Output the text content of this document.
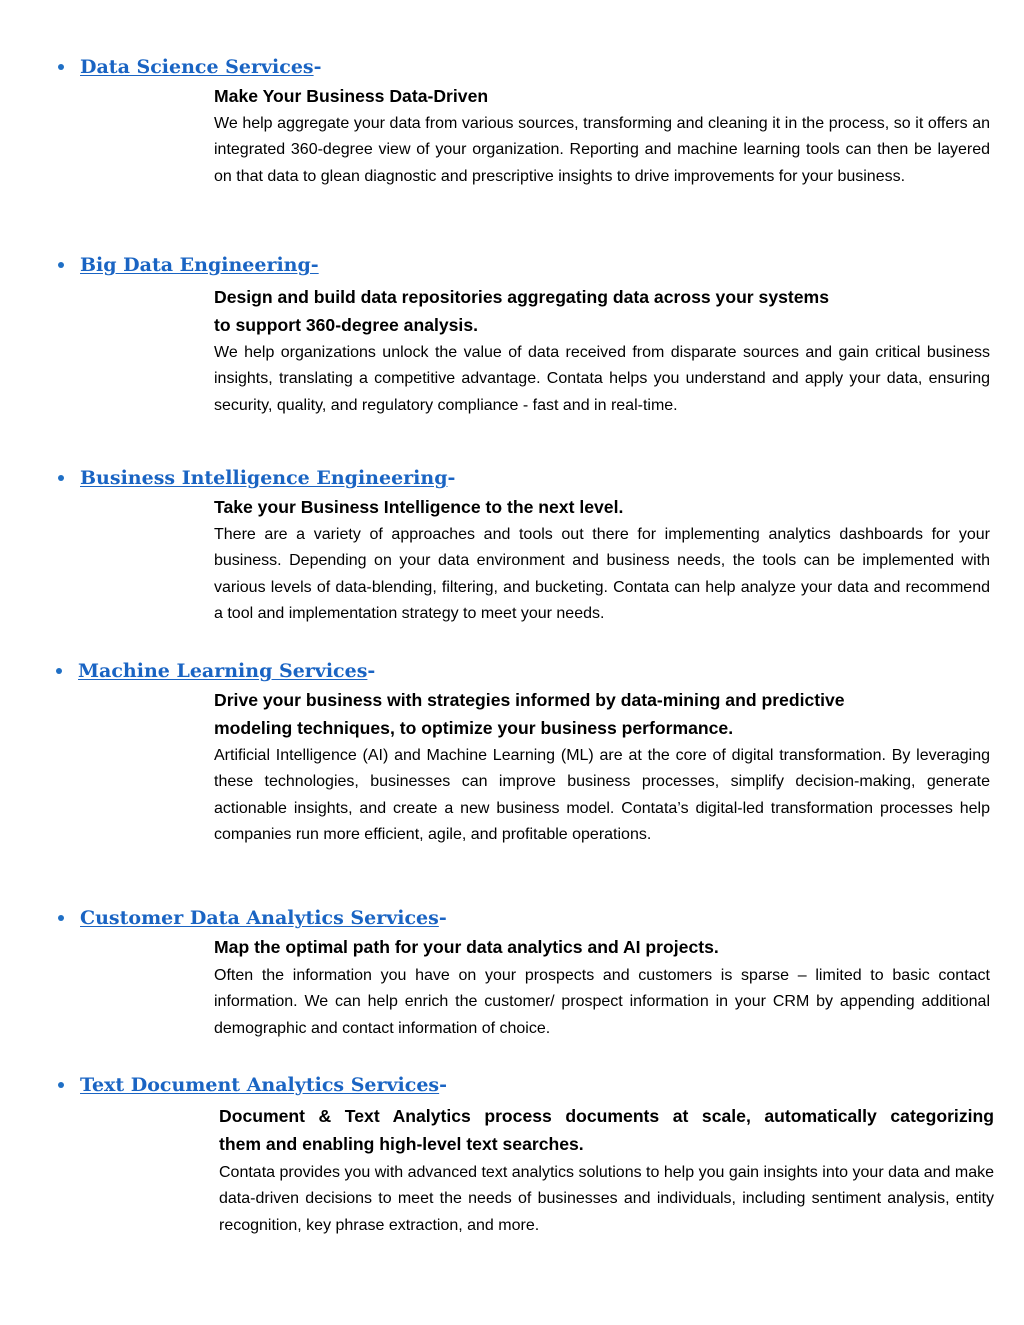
Data Science Services-
Make Your Business Data-Driven

We help aggregate your data from various sources, transforming and cleaning it in the process, so it offers an integrated 360-degree view of your organization. Reporting and machine learning tools can then be layered on that data to glean diagnostic and prescriptive insights to drive improvements for your business.

Big Data Engineering-
Design and build data repositories aggregating data across your systems
to support 360-degree analysis.

We help organizations unlock the value of data received from disparate sources and gain critical business insights, translating a competitive advantage. Contata helps you understand and apply your data, ensuring security, quality, and regulatory compliance - fast and in real-time.

Business Intelligence Engineering-
Take your Business Intelligence to the next level.

There are a variety of approaches and tools out there for implementing analytics dashboards for your business. Depending on your data environment and business needs, the tools can be implemented with various levels of data-blending, filtering, and bucketing. Contata can help analyze your data and recommend a tool and implementation strategy to meet your needs.

Machine Learning Services-
Drive your business with strategies informed by data-mining and predictive
modeling techniques, to optimize your business performance.

Artificial Intelligence (AI) and Machine Learning (ML) are at the core of digital transformation. By leveraging these technologies, businesses can improve business processes, simplify decision-making, generate actionable insights, and create a new business model. Contata’s digital-led transformation processes help companies run more efficient, agile, and profitable operations.

Customer Data Analytics Services-
Map the optimal path for your data analytics and AI projects.

Often the information you have on your prospects and customers is sparse – limited to basic contact information. We can help enrich the customer/ prospect information in your CRM by appending additional demographic and contact information of choice.

Text Document Analytics Services-
Document & Text Analytics process documents at scale, automatically categorizing
them and enabling high-level text searches.

Contata provides you with advanced text analytics solutions to help you gain insights into your data and make data-driven decisions to meet the needs of businesses and individuals, including sentiment analysis, entity recognition, key phrase extraction, and more.
